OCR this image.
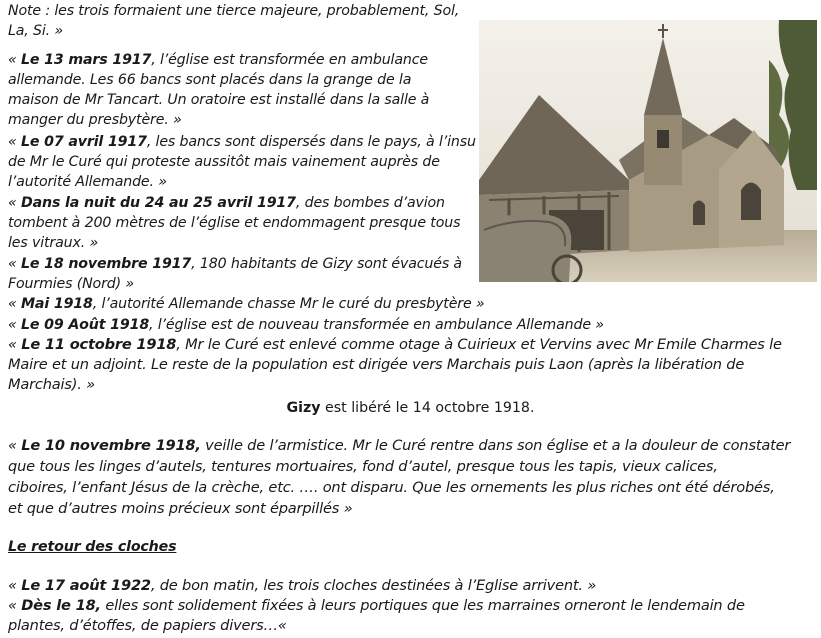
Note : les trois formaient une tierce majeure, probablement, Sol,
La, Si. »
« Le 13 mars 1917, l’église est transformée en ambulance
allemande. Les 66 bancs sont placés dans la grange de la
maison de Mr Tancart. Un oratoire est installé dans la salle à
manger du presbytère. »
« Le 07 avril 1917, les bancs sont dispersés dans le pays, à l’insu
de Mr le Curé qui proteste aussitôt mais vainement auprès de
l’autorité Allemande. »
« Dans la nuit du 24 au 25 avril 1917, des bombes d’avion
tombent à 200 mètres de l’église et endommagent presque tous
les vitraux. »
« Le 18 novembre 1917, 180 habitants de Gizy sont évacués à
Fourmies (Nord) »
« Mai 1918, l’autorité Allemande chasse Mr le curé du presbytère »
« Le 09 Août 1918, l’église est de nouveau transformée en ambulance Allemande »
« Le 11 octobre 1918, Mr le Curé est enlevé comme otage à Cuirieux et Vervins avec Mr Emile Charmes le
Maire et un adjoint. Le reste de la population est dirigée vers Marchais puis Laon (après la libération de
Marchais). »
Gizy est libéré le 14 octobre 1918.
« Le 10 novembre 1918, veille de l’armistice. Mr le Curé rentre dans son église et a la douleur de constater
que tous les linges d’autels, tentures mortuaires, fond d’autel, presque tous les tapis, vieux calices,
ciboires, l’enfant Jésus de la crèche, etc. …. ont disparu. Que les ornements les plus riches ont été dérobés,
et que d’autres moins précieux sont éparpillés »
Le retour des cloches
« Le 17 août 1922, de bon matin, les trois cloches destinées à l’Eglise arrivent. »
« Dès le 18, elles sont solidement fixées à leurs portiques que les marraines orneront le lendemain de
plantes, d’étoffes, de papiers divers…«
